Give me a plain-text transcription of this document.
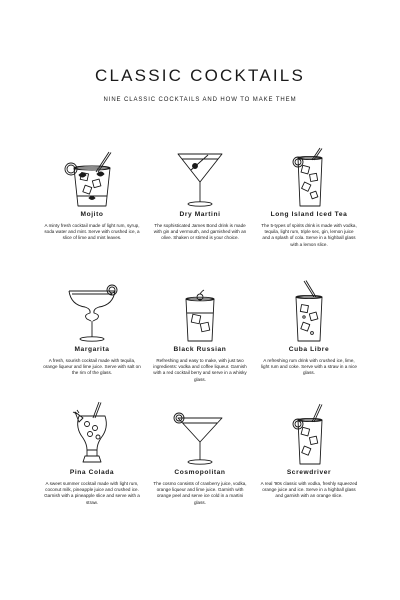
CLASSIC COCKTAILS
NINE CLASSIC COCKTAILS AND HOW TO MAKE THEM
Mojito
A minty fresh cocktail made of light rum, syrup, soda water and mint. Serve with crushed ice, a slice of lime and mint leaves.
Dry Martini
The sophisticated James Bond drink is made with gin and vermouth, and garnished with an olive. Shaken or stirred is your choice.
Long Island Iced Tea
The 5-types of spirits drink is made with vodka, tequila, light rum, triple sec, gin, lemon juice and a splash of cola. Serve in a highball glass with a lemon slice.
Margarita
A fresh, sourish cocktail made with tequila, orange liqueur and lime juice. Serve with salt on the rim of the glass.
Black Russian
Refreshing and easy to make, with just two ingredients: vodka and coffee liqueur. Garnish with a red cocktail berry and serve in a whisky glass.
Cuba Libre
A refreshing rum drink with crushed ice, lime, light rum and coke. Serve with a straw in a nice glass.
Pina Colada
A sweet summer cocktail made with light rum, coconut milk, pineapple juice and crushed ice. Garnish with a pineapple slice and serve with a straw.
Cosmopolitan
The cosmo consists of cranberry juice, vodka, orange liqueur and lime juice. Garnish with orange peel and serve ice cold in a martini glass.
Screwdriver
A real '90s classic with vodka, freshly squeezed orange juice and ice. Serve in a highball glass and garnish with an orange slice.
